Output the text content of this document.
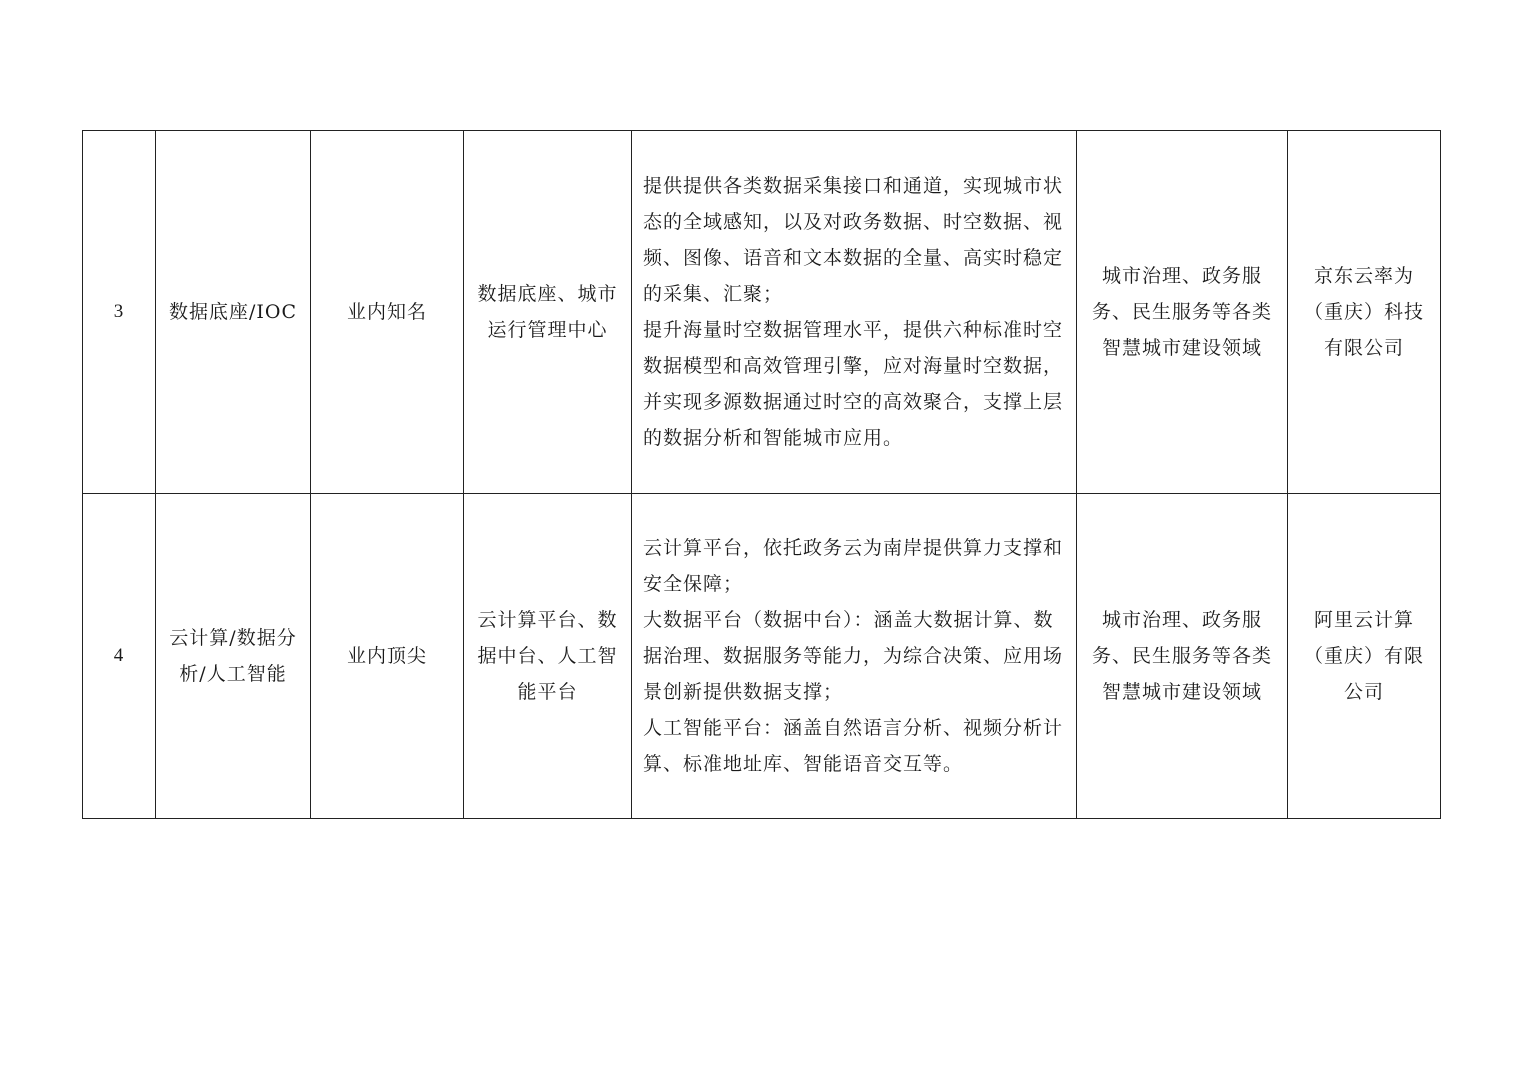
3	数据底座/IOC	业内知名	数据底座、城市运行管理中心	提供提供各类数据采集接口和通道，实现城市状态的全域感知，以及对政务数据、时空数据、视频、图像、语音和文本数据的全量、高实时稳定的采集、汇聚；

提升海量时空数据管理水平，提供六种标准时空数据模型和高效管理引擎，应对海量时空数据，并实现多源数据通过时空的高效聚合，支撑上层的数据分析和智能城市应用。	城市治理、政务服务、民生服务等各类智慧城市建设领域	京东云率为（重庆）科技有限公司
4	云计算/数据分析/人工智能	业内顶尖	云计算平台、数据中台、人工智能平台	云计算平台，依托政务云为南岸提供算力支撑和安全保障；

大数据平台（数据中台）：涵盖大数据计算、数据治理、数据服务等能力，为综合决策、应用场景创新提供数据支撑；

人工智能平台：涵盖自然语言分析、视频分析计算、标准地址库、智能语音交互等。	城市治理、政务服务、民生服务等各类智慧城市建设领域	阿里云计算（重庆）有限公司
